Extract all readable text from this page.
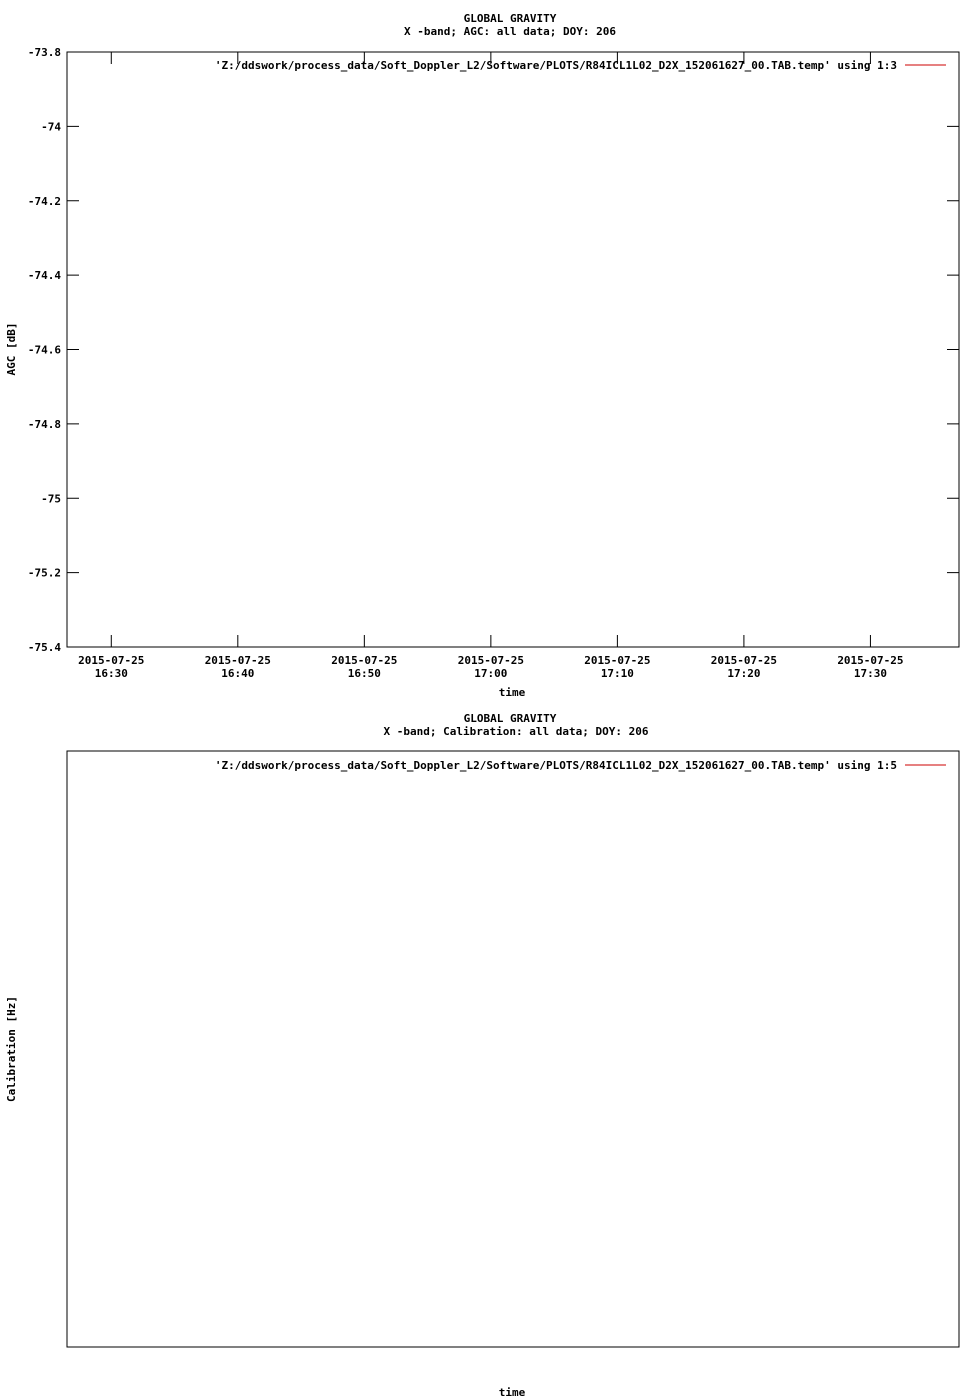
GLOBAL GRAVITY
X -band; AGC: all data; DOY: 206
-73.8
-74
-74.2
-74.4
-74.6
-74.8
-75
-75.2
-75.4
2015-07-25
16:30
2015-07-25
16:40
2015-07-25
16:50
2015-07-25
17:00
2015-07-25
17:10
2015-07-25
17:20
2015-07-25
17:30
'Z:/ddswork/process_data/Soft_Doppler_L2/Software/PLOTS/R84ICL1L02_D2X_152061627_00.TAB.temp' using 1:3
AGC [dB]
time
GLOBAL GRAVITY
X -band; Calibration: all data; DOY: 206
'Z:/ddswork/process_data/Soft_Doppler_L2/Software/PLOTS/R84ICL1L02_D2X_152061627_00.TAB.temp' using 1:5
Calibration [Hz]
time
